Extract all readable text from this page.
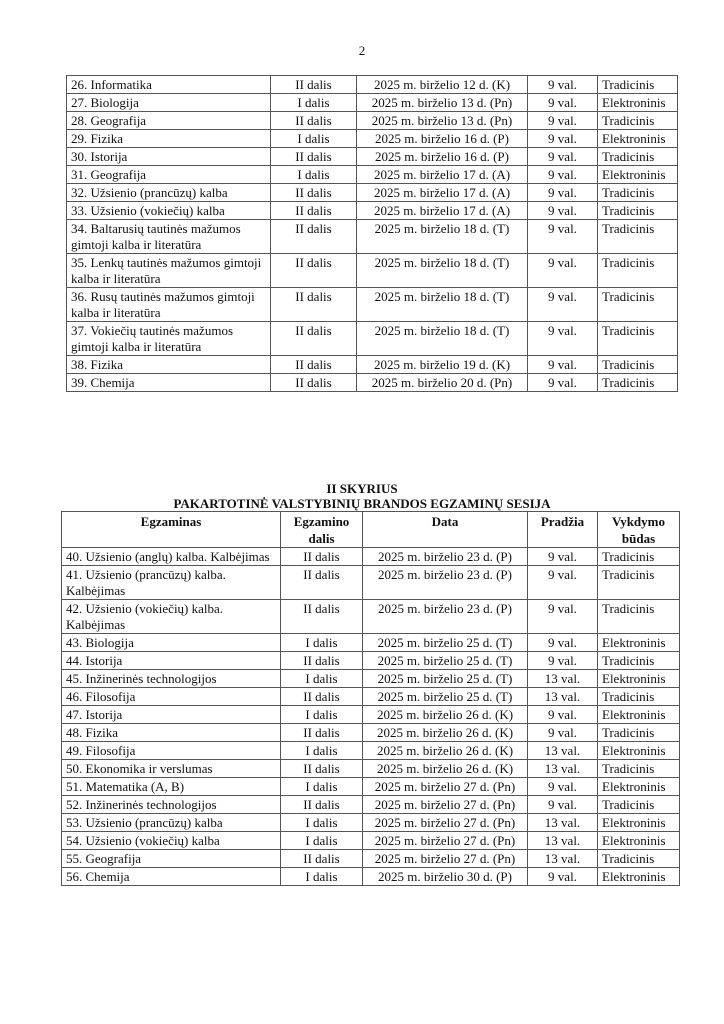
2
26. Informatika	II dalis	2025 m. birželio 12 d. (K)	9 val.	Tradicinis
27. Biologija	I dalis	2025 m. birželio 13 d. (Pn)	9 val.	Elektroninis
28. Geografija	II dalis	2025 m. birželio 13 d. (Pn)	9 val.	Tradicinis
29. Fizika	I dalis	2025 m. birželio 16 d. (P)	9 val.	Elektroninis
30. Istorija	II dalis	2025 m. birželio 16 d. (P)	9 val.	Tradicinis
31. Geografija	I dalis	2025 m. birželio 17 d. (A)	9 val.	Elektroninis
32. Užsienio (prancūzų) kalba	II dalis	2025 m. birželio 17 d. (A)	9 val.	Tradicinis
33. Užsienio (vokiečių) kalba	II dalis	2025 m. birželio 17 d. (A)	9 val.	Tradicinis
34. Baltarusių tautinės mažumos gimtoji kalba ir literatūra	II dalis	2025 m. birželio 18 d. (T)	9 val.	Tradicinis
35. Lenkų tautinės mažumos gimtoji kalba ir literatūra	II dalis	2025 m. birželio 18 d. (T)	9 val.	Tradicinis
36. Rusų tautinės mažumos gimtoji kalba ir literatūra	II dalis	2025 m. birželio 18 d. (T)	9 val.	Tradicinis
37. Vokiečių tautinės mažumos gimtoji kalba ir literatūra	II dalis	2025 m. birželio 18 d. (T)	9 val.	Tradicinis
38. Fizika	II dalis	2025 m. birželio 19 d. (K)	9 val.	Tradicinis
39. Chemija	II dalis	2025 m. birželio 20 d. (Pn)	9 val.	Tradicinis
II SKYRIUS
PAKARTOTINĖ VALSTYBINIŲ BRANDOS EGZAMINŲ SESIJA
Egzaminas	Egzamino dalis	Data	Pradžia	Vykdymo būdas
40. Užsienio (anglų) kalba. Kalbėjimas	II dalis	2025 m. birželio 23 d. (P)	9 val.	Tradicinis
41. Užsienio (prancūzų) kalba. Kalbėjimas	II dalis	2025 m. birželio 23 d. (P)	9 val.	Tradicinis
42. Užsienio (vokiečių) kalba. Kalbėjimas	II dalis	2025 m. birželio 23 d. (P)	9 val.	Tradicinis
43. Biologija	I dalis	2025 m. birželio 25 d. (T)	9 val.	Elektroninis
44. Istorija	II dalis	2025 m. birželio 25 d. (T)	9 val.	Tradicinis
45. Inžinerinės technologijos	I dalis	2025 m. birželio 25 d. (T)	13 val.	Elektroninis
46. Filosofija	II dalis	2025 m. birželio 25 d. (T)	13 val.	Tradicinis
47. Istorija	I dalis	2025 m. birželio 26 d. (K)	9 val.	Elektroninis
48. Fizika	II dalis	2025 m. birželio 26 d. (K)	9 val.	Tradicinis
49. Filosofija	I dalis	2025 m. birželio 26 d. (K)	13 val.	Elektroninis
50. Ekonomika ir verslumas	II dalis	2025 m. birželio 26 d. (K)	13 val.	Tradicinis
51. Matematika (A, B)	I dalis	2025 m. birželio 27 d. (Pn)	9 val.	Elektroninis
52. Inžinerinės technologijos	II dalis	2025 m. birželio 27 d. (Pn)	9 val.	Tradicinis
53. Užsienio (prancūzų) kalba	I dalis	2025 m. birželio 27 d. (Pn)	13 val.	Elektroninis
54. Užsienio (vokiečių) kalba	I dalis	2025 m. birželio 27 d. (Pn)	13 val.	Elektroninis
55. Geografija	II dalis	2025 m. birželio 27 d. (Pn)	13 val.	Tradicinis
56. Chemija	I dalis	2025 m. birželio 30 d. (P)	9 val.	Elektroninis
